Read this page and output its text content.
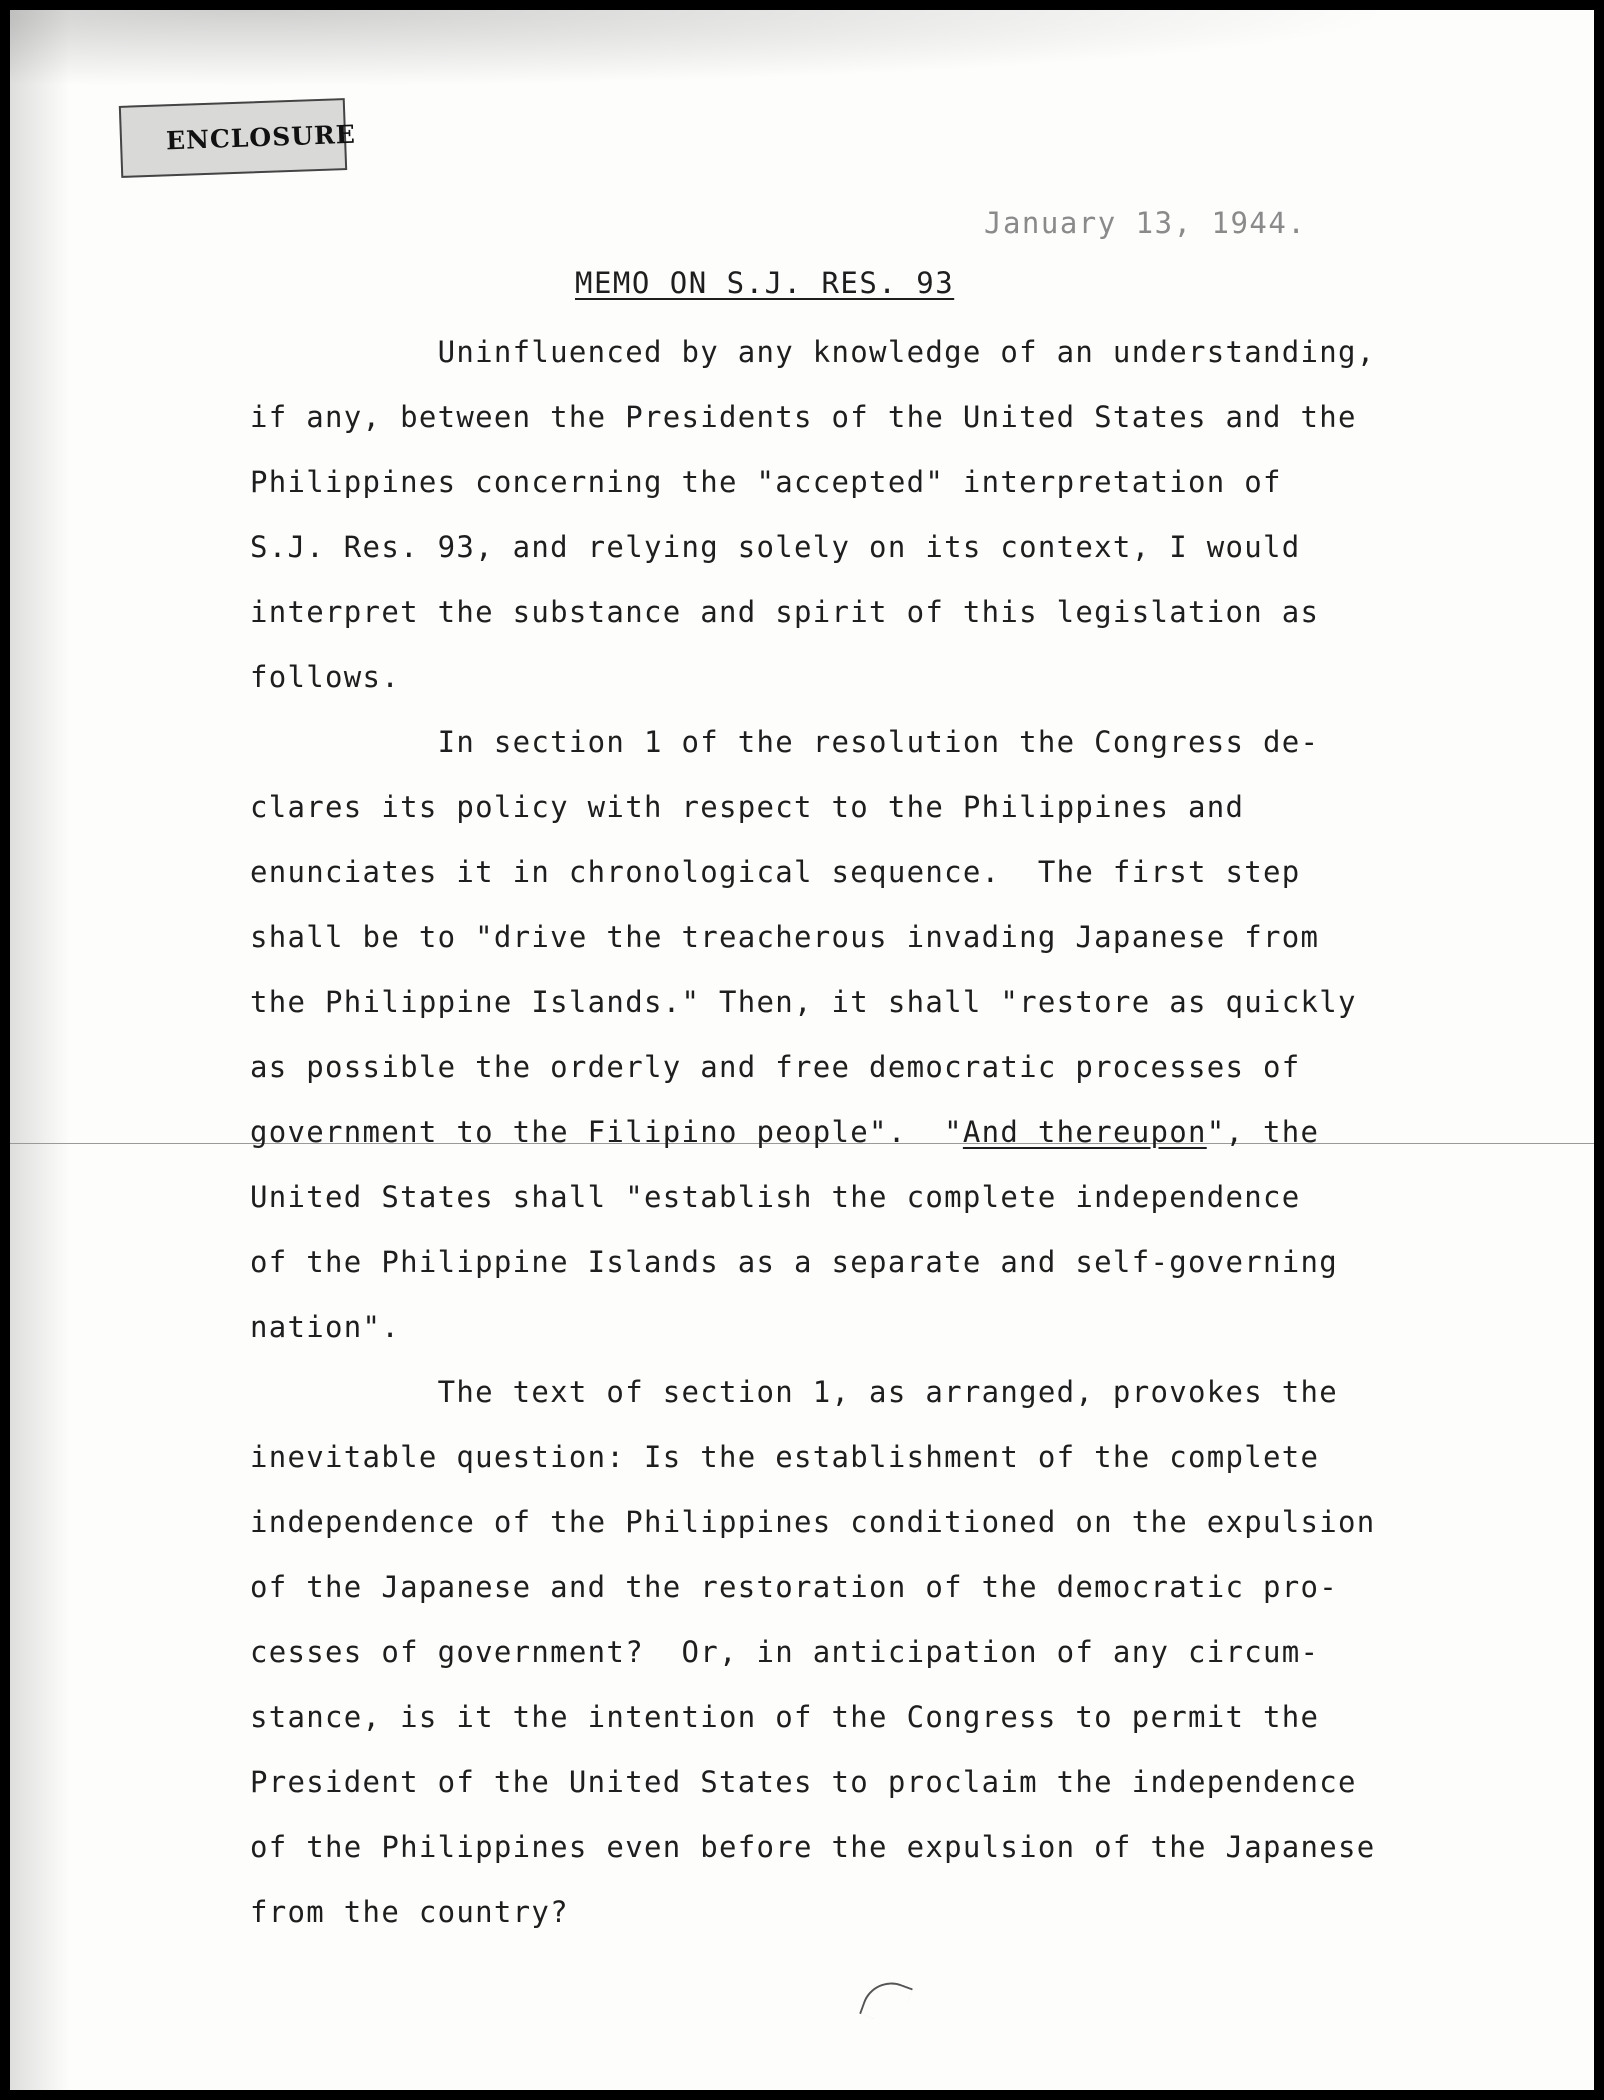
ENCLOSURE
January 13, 1944.
MEMO ON S.J. RES. 93
Uninfluenced by any knowledge of an understanding,
if any, between the Presidents of the United States and the
Philippines concerning the "accepted" interpretation of
S.J. Res. 93, and relying solely on its context, I would
interpret the substance and spirit of this legislation as
follows.
In section 1 of the resolution the Congress de-
clares its policy with respect to the Philippines and
enunciates it in chronological sequence.  The first step
shall be to "drive the treacherous invading Japanese from
the Philippine Islands." Then, it shall "restore as quickly
as possible the orderly and free democratic processes of
government to the Filipino people".  "And thereupon", the
United States shall "establish the complete independence
of the Philippine Islands as a separate and self-governing
nation".
The text of section 1, as arranged, provokes the
inevitable question: Is the establishment of the complete
independence of the Philippines conditioned on the expulsion
of the Japanese and the restoration of the democratic pro-
cesses of government?  Or, in anticipation of any circum-
stance, is it the intention of the Congress to permit the
President of the United States to proclaim the independence
of the Philippines even before the expulsion of the Japanese
from the country?
